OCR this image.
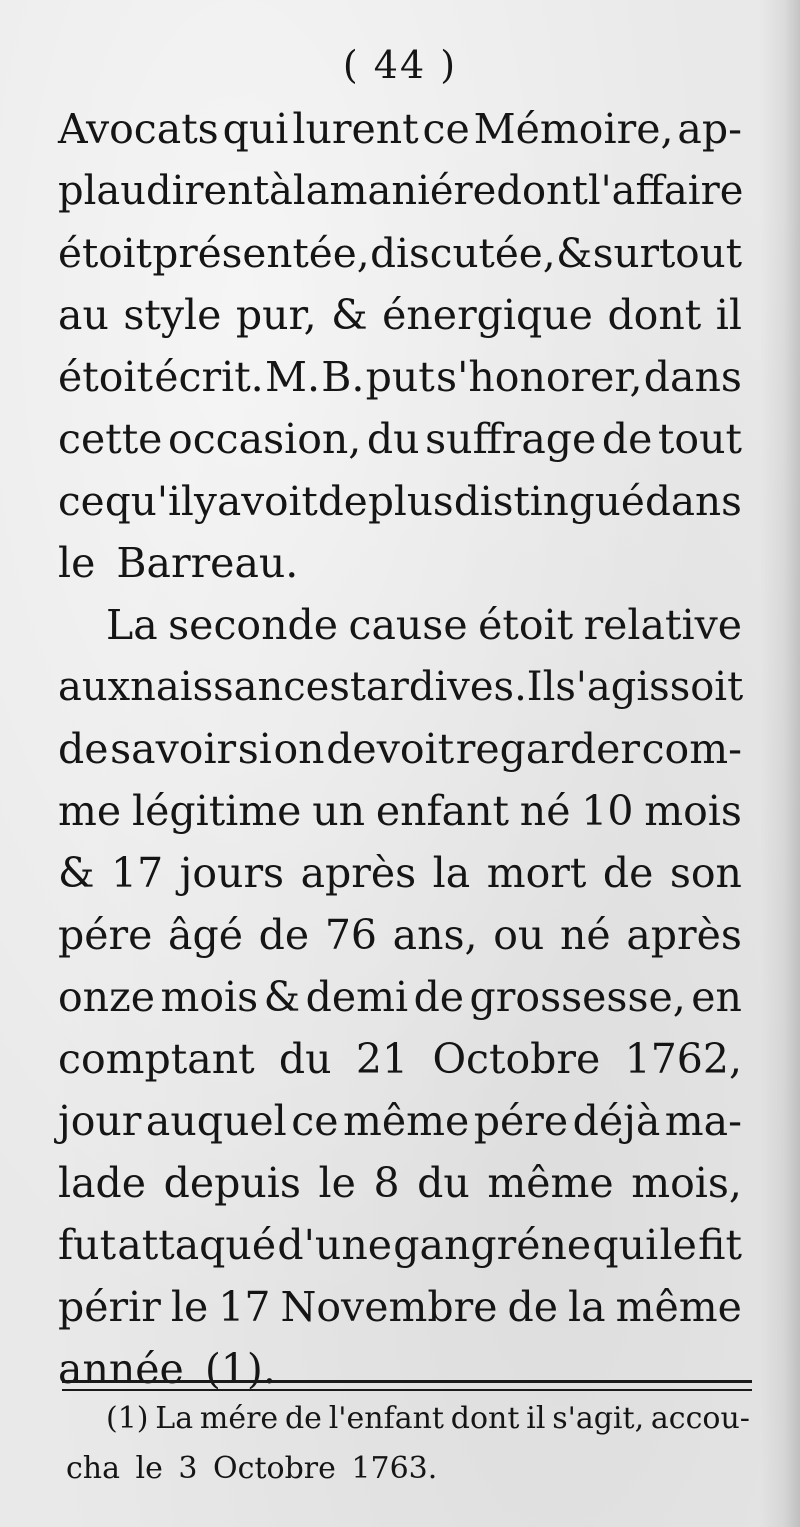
( 44 )
Avocats qui lurent ce Mémoire, ap-
plaudirent à la maniére dont l'affaire
étoit présentée, discutée, & surtout
au style pur, & énergique dont il
étoit écrit. M. B. put s'honorer, dans
cette occasion, du suffrage de tout
ce qu'il y avoit de plus distingué dans
le Barreau.
La seconde cause étoit relative
aux naissances tardives. Il s'agissoit
de savoir si on devoit regarder com-
me légitime un enfant né 10 mois
& 17 jours après la mort de son
pére âgé de 76 ans, ou né après
onze mois & demi de grossesse, en
comptant du 21 Octobre 1762,
jour auquel ce même pére déjà ma-
lade depuis le 8 du même mois,
fut attaqué d'une gangréne qui le fit
périr le 17 Novembre de la même
année (1).
(1) La mére de l'enfant dont il s'agit, accou-
cha le 3 Octobre 1763.
